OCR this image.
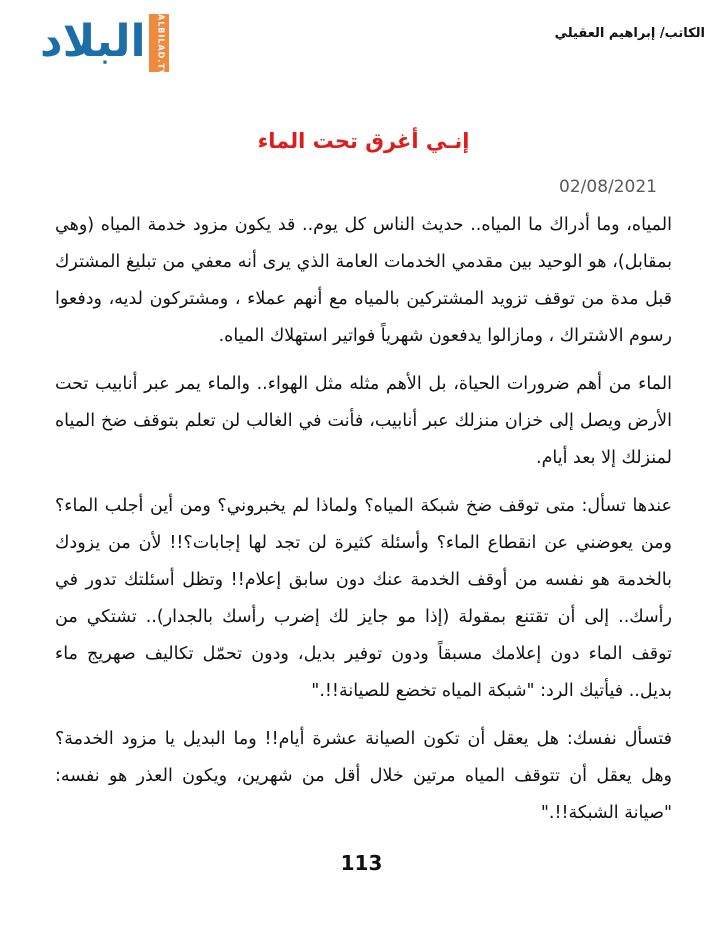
البلاد	ALBILAD.TV	الكاتب/ إبراهيم العقيلي
إنـي أغرق تحت الماء
02/08/2021

المياه، وما أدراك ما المياه.. حديث الناس كل يوم.. قد يكون مزود خدمة المياه (وهي بمقابل)، هو الوحيد بين مقدمي الخدمات العامة الذي يرى أنه معفي من تبليغ المشترك قبل مدة من توقف تزويد المشتركين بالمياه مع أنهم عملاء ، ومشتركون لديه، ودفعوا رسوم الاشتراك ، ومازالوا يدفعون شهرياً فواتير استهلاك المياه.

الماء من أهم ضرورات الحياة، بل الأهم مثله مثل الهواء.. والماء يمر عبر أنابيب تحت الأرض ويصل إلى خزان منزلك عبر أنابيب، فأنت في الغالب لن تعلم بتوقف ضخ المياه لمنزلك إلا بعد أيام.

عندها تسأل: متى توقف ضخ شبكة المياه؟ ولماذا لم يخبروني؟ ومن أين أجلب الماء؟ ومن يعوضني عن انقطاع الماء؟ وأسئلة كثيرة لن تجد لها إجابات؟!! لأن من يزودك بالخدمة هو نفسه من أوقف الخدمة عنك دون سابق إعلام!! وتظل أسئلتك تدور في رأسك.. إلى أن تقتنع بمقولة (إذا مو جايز لك إضرب رأسك بالجدار).. تشتكي من توقف الماء دون إعلامك مسبقاً ودون توفير بديل، ودون تحمّل تكاليف صهريج ماء بديل.. فيأتيك الرد: "شبكة المياه تخضع للصيانة!!."

فتسأل نفسك: هل يعقل أن تكون الصيانة عشرة أيام!! وما البديل يا مزود الخدمة؟ وهل يعقل أن تتوقف المياه مرتين خلال أقل من شهرين، ويكون العذر هو نفسه: "صيانة الشبكة!!."

113
